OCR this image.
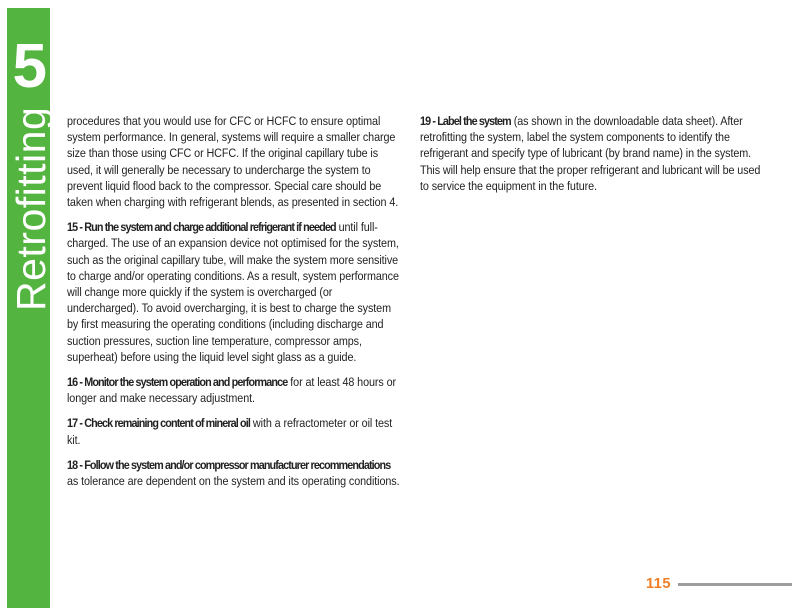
5
Retrofitting procedures that you would use for CFC or HCFC to ensure optimal system performance. In general, systems will require a smaller charge size than those using CFC or HCFC. If the original capillary tube is used, it will generally be necessary to undercharge the system to prevent liquid flood back to the compressor. Special care should be taken when charging with refrigerant blends, as presented in section 4.

15 - Run the system and charge additional refrigerant if needed until full-charged. The use of an expansion device not optimised for the system, such as the original capillary tube, will make the system more sensitive to charge and/or operating conditions. As a result, system performance will change more quickly if the system is overcharged (or undercharged). To avoid overcharging, it is best to charge the system by first measuring the operating conditions (including discharge and suction pressures, suction line temperature, compressor amps, superheat) before using the liquid level sight glass as a guide.

16 - Monitor the system operation and performance for at least 48 hours or longer and make necessary adjustment.

17 - Check remaining content of mineral oil with a refractometer or oil test kit.

18 - Follow the system and/or compressor manufacturer recommendations as tolerance are dependent on the system and its operating conditions.

19 - Label the system (as shown in the downloadable data sheet). After retrofitting the system, label the system components to identify the refrigerant and specify type of lubricant (by brand name) in the system. This will help ensure that the proper refrigerant and lubricant will be used to service the equipment in the future.

115
